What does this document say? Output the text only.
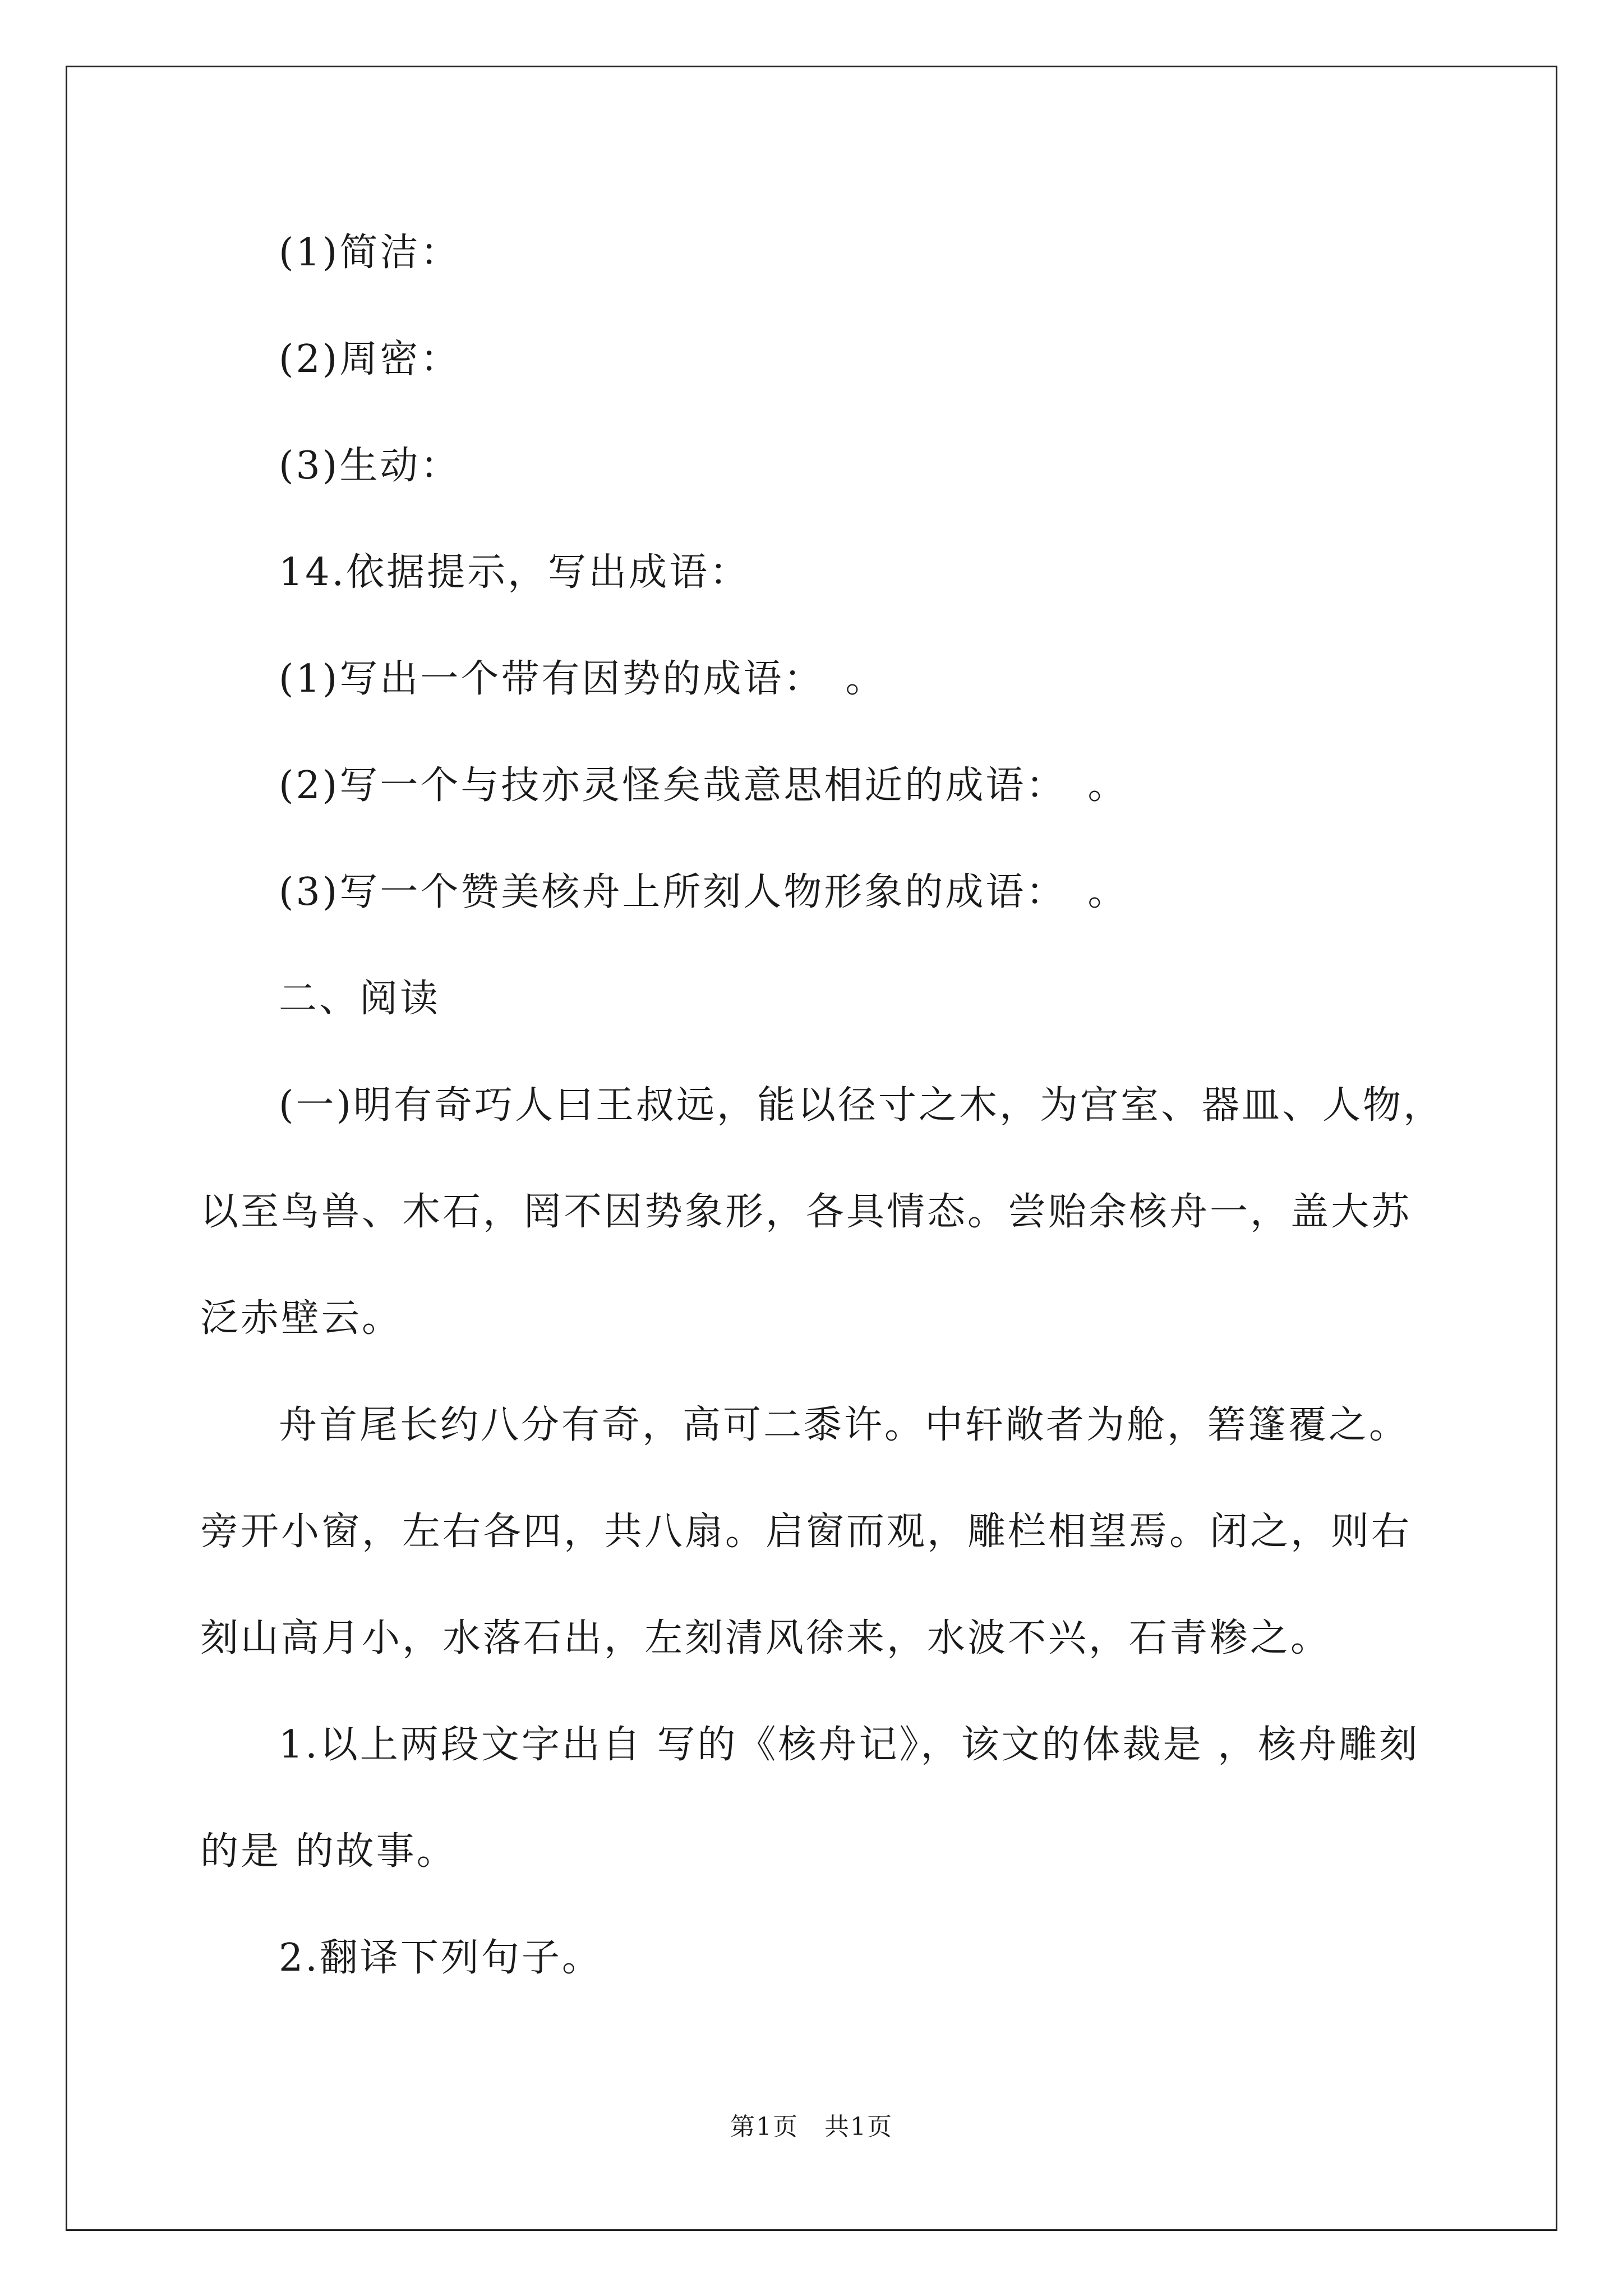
(1)简洁：
(2)周密：
(3)生动：
14.依据提示，写出成语：
(1)写出一个带有因势的成语：　。
(2)写一个与技亦灵怪矣哉意思相近的成语：　。
(3)写一个赞美核舟上所刻人物形象的成语：　。
二、阅读
(一)明有奇巧人曰王叔远，能以径寸之木，为宫室、器皿、人物，
以至鸟兽、木石，罔不因势象形，各具情态。尝贻余核舟一，盖大苏
泛赤壁云。
舟首尾长约八分有奇，高可二黍许。中轩敞者为舱，箬篷覆之。
旁开小窗，左右各四，共八扇。启窗而观，雕栏相望焉。闭之，则右
刻山高月小，水落石出，左刻清风徐来，水波不兴，石青糁之。
1.以上两段文字出自 写的《核舟记》，该文的体裁是 ，核舟雕刻
的是 的故事。
2.翻译下列句子。
第1页　共1页
